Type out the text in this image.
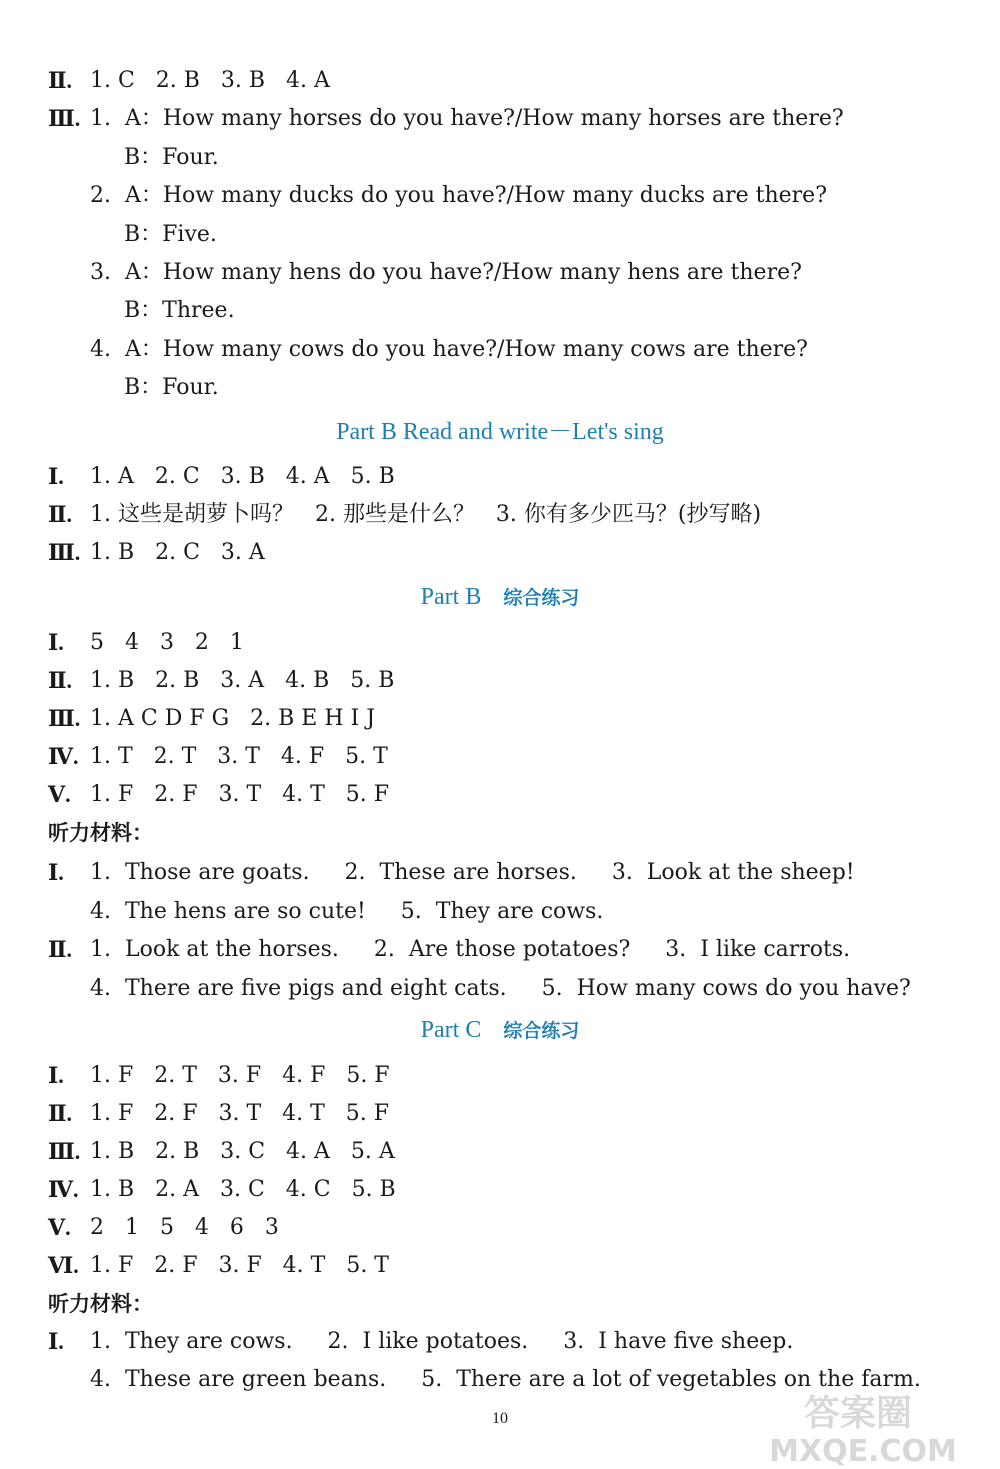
Ⅱ. 1. C   2. B   3. B   4. A
Ⅲ. 1.  A：How many horses do you have?/How many horses are there?
B：Four.
2.  A：How many ducks do you have?/How many ducks are there?
B：Five.
3.  A：How many hens do you have?/How many hens are there?
B：Three.
4.  A：How many cows do you have?/How many cows are there?
B：Four.
Part B Read and write－Let's sing
Ⅰ. 1. A   2. C   3. B   4. A   5. B
Ⅱ. 1. 这些是胡萝卜吗？   2. 那些是什么？   3. 你有多少匹马？(抄写略)
Ⅲ. 1. B   2. C   3. A
Part B 综合练习
Ⅰ. 5   4   3   2   1
Ⅱ. 1. B   2. B   3. A   4. B   5. B
Ⅲ. 1. A C D F G   2. B E H I J
Ⅳ. 1. T   2. T   3. T   4. F   5. T
Ⅴ. 1. F   2. F   3. T   4. T   5. F
听力材料：
Ⅰ. 1.  Those are goats.     2.  These are horses.     3.  Look at the sheep!
4.  The hens are so cute!     5.  They are cows.
Ⅱ. 1.  Look at the horses.     2.  Are those potatoes?     3.  I like carrots.
4.  There are five pigs and eight cats.     5.  How many cows do you have?
Part C 综合练习
Ⅰ. 1. F   2. T   3. F   4. F   5. F
Ⅱ. 1. F   2. F   3. T   4. T   5. F
Ⅲ. 1. B   2. B   3. C   4. A   5. A
Ⅳ. 1. B   2. A   3. C   4. C   5. B
Ⅴ. 2   1   5   4   6   3
Ⅵ. 1. F   2. F   3. F   4. T   5. T
听力材料：
Ⅰ. 1.  They are cows.     2.  I like potatoes.     3.  I have five sheep.
4.  These are green beans.     5.  There are a lot of vegetables on the farm.
10	答案圈
MXQE.COM
